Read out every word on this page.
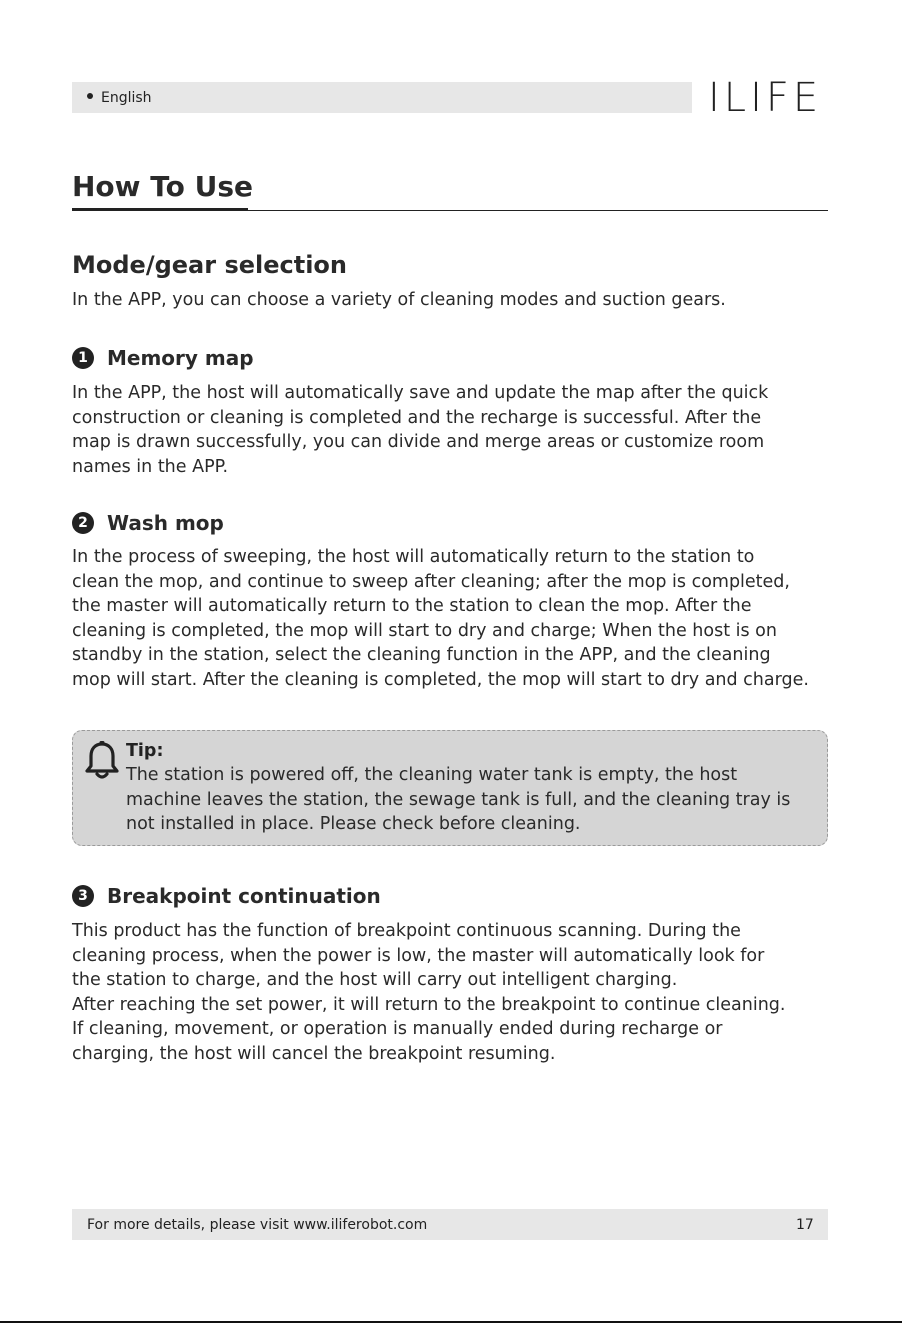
English	ILIFE
How To Use
Mode/gear selection
In the APP, you can choose a variety of cleaning modes and suction gears.
1 Memory map
In the APP, the host will automatically save and update the map after the quick
construction or cleaning is completed and the recharge is successful. After the
map is drawn successfully, you can divide and merge areas or customize room
names in the APP.
2 Wash mop
In the process of sweeping, the host will automatically return to the station to
clean the mop, and continue to sweep after cleaning; after the mop is completed,
the master will automatically return to the station to clean the mop. After the
cleaning is completed, the mop will start to dry and charge; When the host is on
standby in the station, select the cleaning function in the APP, and the cleaning
mop will start. After the cleaning is completed, the mop will start to dry and charge.
Tip:
The station is powered off, the cleaning water tank is empty, the host
machine leaves the station, the sewage tank is full, and the cleaning tray is
not installed in place. Please check before cleaning.
3 Breakpoint continuation
This product has the function of breakpoint continuous scanning. During the
cleaning process, when the power is low, the master will automatically look for
the station to charge, and the host will carry out intelligent charging.
After reaching the set power, it will return to the breakpoint to continue cleaning.
If cleaning, movement, or operation is manually ended during recharge or
charging, the host will cancel the breakpoint resuming.
For more details, please visit www.iliferobot.com	17
